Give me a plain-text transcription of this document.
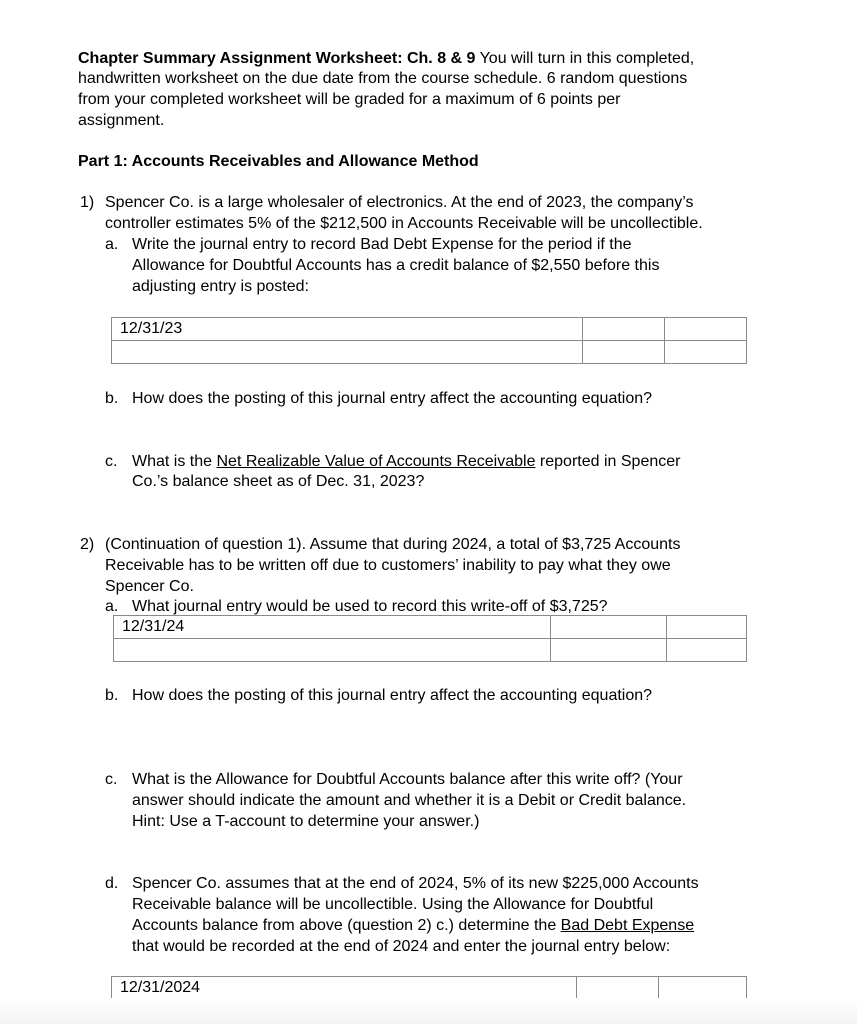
Chapter Summary Assignment Worksheet: Ch. 8 & 9 You will turn in this completed,
handwritten worksheet on the due date from the course schedule. 6 random questions
from your completed worksheet will be graded for a maximum of 6 points per
assignment.
Part 1: Accounts Receivables and Allowance Method
1) Spencer Co. is a large wholesaler of electronics. At the end of 2023, the company’s
controller estimates 5% of the $212,500 in Accounts Receivable will be uncollectible.
a. Write the journal entry to record Bad Debt Expense for the period if the
Allowance for Doubtful Accounts has a credit balance of $2,550 before this
adjusting entry is posted:
12/31/23		

b. How does the posting of this journal entry affect the accounting equation?
c. What is the Net Realizable Value of Accounts Receivable reported in Spencer
Co.’s balance sheet as of Dec. 31, 2023?
2) (Continuation of question 1). Assume that during 2024, a total of $3,725 Accounts
Receivable has to be written off due to customers’ inability to pay what they owe
Spencer Co.
a. What journal entry would be used to record this write-off of $3,725?
12/31/24		

b. How does the posting of this journal entry affect the accounting equation?
c. What is the Allowance for Doubtful Accounts balance after this write off? (Your
answer should indicate the amount and whether it is a Debit or Credit balance.
Hint: Use a T-account to determine your answer.)
d. Spencer Co. assumes that at the end of 2024, 5% of its new $225,000 Accounts
Receivable balance will be uncollectible. Using the Allowance for Doubtful
Accounts balance from above (question 2) c.) determine the Bad Debt Expense
that would be recorded at the end of 2024 and enter the journal entry below:
12/31/2024		
